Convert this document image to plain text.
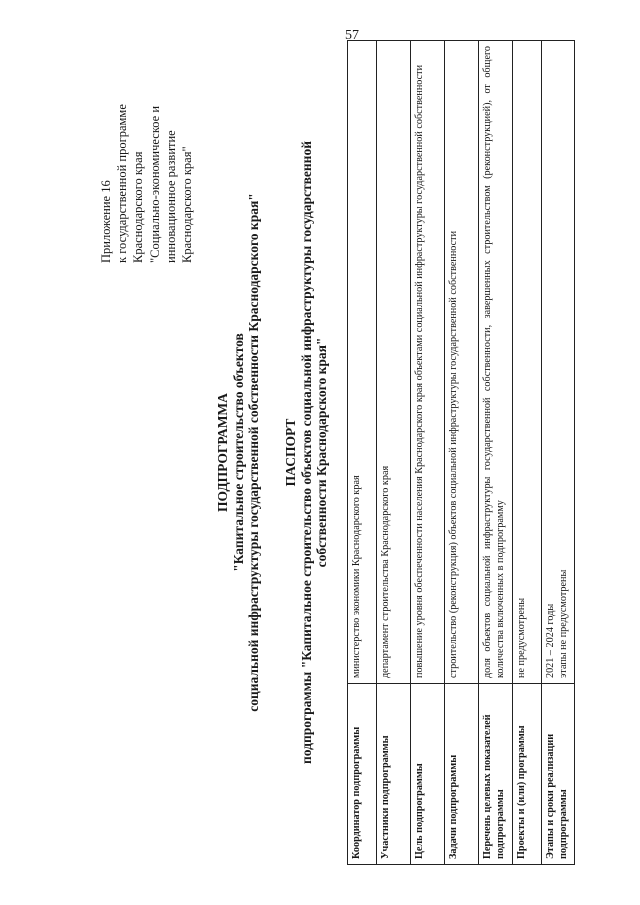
57
Приложение 16 к государственной программе Краснодарского края "Социально-экономическое и инновационное развитие Краснодарского края"
ПОДПРОГРАММА "Капитальное строительство объектов социальной инфраструктуры государственной собственности Краснодарского края" ПАСПОРТ подпрограммы "Капитальное строительство объектов социальной инфраструктуры государственной собственности Краснодарского края"
Координатор подпрограммы	министерство экономики Краснодарского края

Участники подпрограммы	департамент строительства Краснодарского края

Цель подпрограммы	повышение уровня обеспеченности населения Краснодарского края объектами социальной инфраструктуры государственной собственности

Задачи подпрограммы	строительство (реконструкция) объектов социальной инфраструктуры государственной собственности

Перечень целевых показателей подпрограммы	доля объектов социальной инфраструктуры государственной собственности, завершенных строительством (реконструкцией), от общего количества включенных в подпрограмму

Проекты и (или) программы	не предусмотрены

Этапы и сроки реализации подпрограммы	2021 – 2024 годы этапы не предусмотрены
